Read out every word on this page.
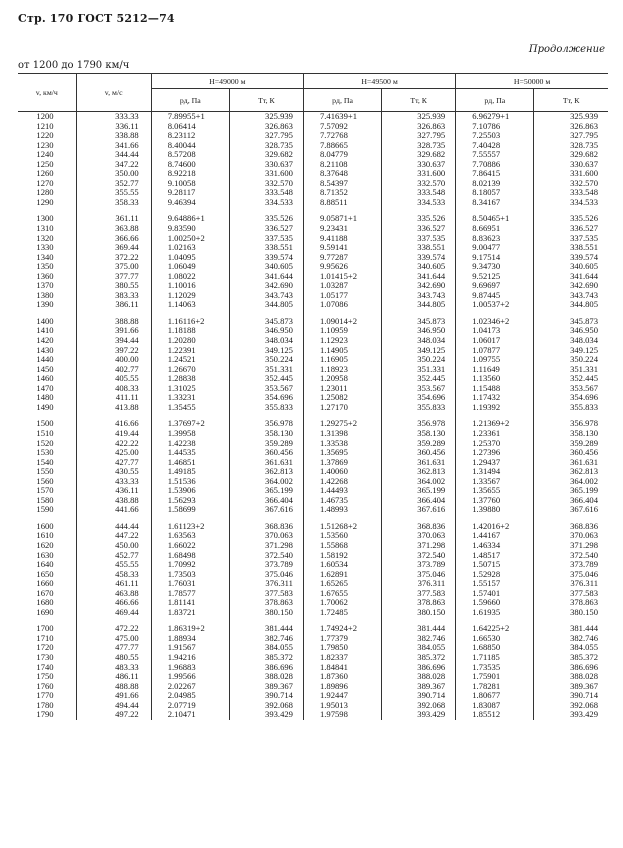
Стр. 170 ГОСТ 5212—74
Продолжение
от 1200 до 1790 км/ч
v, км/ч	v, м/с	H=49000 м		H=49500 м		H=50000 м	
		pд, Па	Tт, К	pд, Па	Tт, К	pд, Па	Tт, К
1200	333.33	7.89955+1	325.939	7.41639+1	325.939	6.96279+1	325.939
1210	336.11	8.06414	326.863	7.57092	326.863	7.10786	326.863
1220	338.88	8.23112	327.795	7.72768	327.795	7.25503	327.795
1230	341.66	8.40044	328.735	7.88665	328.735	7.40428	328.735
1240	344.44	8.57208	329.682	8.04779	329.682	7.55557	329.682
1250	347.22	8.74600	330.637	8.21108	330.637	7.70886	330.637
1260	350.00	8.92218	331.600	8.37648	331.600	7.86415	331.600
1270	352.77	9.10058	332.570	8.54397	332.570	8.02139	332.570
1280	355.55	9.28117	333.548	8.71352	333.548	8.18057	333.548
1290	358.33	9.46394	334.533	8.88511	334.533	8.34167	334.533
1300	361.11	9.64886+1	335.526	9.05871+1	335.526	8.50465+1	335.526
1310	363.88	9.83590	336.527	9.23431	336.527	8.66951	336.527
1320	366.66	1.00250+2	337.535	9.41188	337.535	8.83623	337.535
1330	369.44	1.02163	338.551	9.59141	338.551	9.00477	338.551
1340	372.22	1.04095	339.574	9.77287	339.574	9.17514	339.574
1350	375.00	1.06049	340.605	9.95626	340.605	9.34730	340.605
1360	377.77	1.08022	341.644	1.01415+2	341.644	9.52125	341.644
1370	380.55	1.10016	342.690	1.03287	342.690	9.69697	342.690
1380	383.33	1.12029	343.743	1.05177	343.743	9.87445	343.743
1390	386.11	1.14063	344.805	1.07086	344.805	1.00537+2	344.805
1400	388.88	1.16116+2	345.873	1.09014+2	345.873	1.02346+2	345.873
1410	391.66	1.18188	346.950	1.10959	346.950	1.04173	346.950
1420	394.44	1.20280	348.034	1.12923	348.034	1.06017	348.034
1430	397.22	1.22391	349.125	1.14905	349.125	1.07877	349.125
1440	400.00	1.24521	350.224	1.16905	350.224	1.09755	350.224
1450	402.77	1.26670	351.331	1.18923	351.331	1.11649	351.331
1460	405.55	1.28838	352.445	1.20958	352.445	1.13560	352.445
1470	408.33	1.31025	353.567	1.23011	353.567	1.15488	353.567
1480	411.11	1.33231	354.696	1.25082	354.696	1.17432	354.696
1490	413.88	1.35455	355.833	1.27170	355.833	1.19392	355.833
1500	416.66	1.37697+2	356.978	1.29275+2	356.978	1.21369+2	356.978
1510	419.44	1.39958	358.130	1.31398	358.130	1.23361	358.130
1520	422.22	1.42238	359.289	1.33538	359.289	1.25370	359.289
1530	425.00	1.44535	360.456	1.35695	360.456	1.27396	360.456
1540	427.77	1.46851	361.631	1.37869	361.631	1.29437	361.631
1550	430.55	1.49185	362.813	1.40060	362.813	1.31494	362.813
1560	433.33	1.51536	364.002	1.42268	364.002	1.33567	364.002
1570	436.11	1.53906	365.199	1.44493	365.199	1.35655	365.199
1580	438.88	1.56293	366.404	1.46735	366.404	1.37760	366.404
1590	441.66	1.58699	367.616	1.48993	367.616	1.39880	367.616
1600	444.44	1.61123+2	368.836	1.51268+2	368.836	1.42016+2	368.836
1610	447.22	1.63563	370.063	1.53560	370.063	1.44167	370.063
1620	450.00	1.66022	371.298	1.55868	371.298	1.46334	371.298
1630	452.77	1.68498	372.540	1.58192	372.540	1.48517	372.540
1640	455.55	1.70992	373.789	1.60534	373.789	1.50715	373.789
1650	458.33	1.73503	375.046	1.62891	375.046	1.52928	375.046
1660	461.11	1.76031	376.311	1.65265	376.311	1.55157	376.311
1670	463.88	1.78577	377.583	1.67655	377.583	1.57401	377.583
1680	466.66	1.81141	378.863	1.70062	378.863	1.59660	378.863
1690	469.44	1.83721	380.150	1.72485	380.150	1.61935	380.150
1700	472.22	1.86319+2	381.444	1.74924+2	381.444	1.64225+2	381.444
1710	475.00	1.88934	382.746	1.77379	382.746	1.66530	382.746
1720	477.77	1.91567	384.055	1.79850	384.055	1.68850	384.055
1730	480.55	1.94216	385.372	1.82337	385.372	1.71185	385.372
1740	483.33	1.96883	386.696	1.84841	386.696	1.73535	386.696
1750	486.11	1.99566	388.028	1.87360	388.028	1.75901	388.028
1760	488.88	2.02267	389.367	1.89896	389.367	1.78281	389.367
1770	491.66	2.04985	390.714	1.92447	390.714	1.80677	390.714
1780	494.44	2.07719	392.068	1.95013	392.068	1.83087	392.068
1790	497.22	2.10471	393.429	1.97598	393.429	1.85512	393.429
